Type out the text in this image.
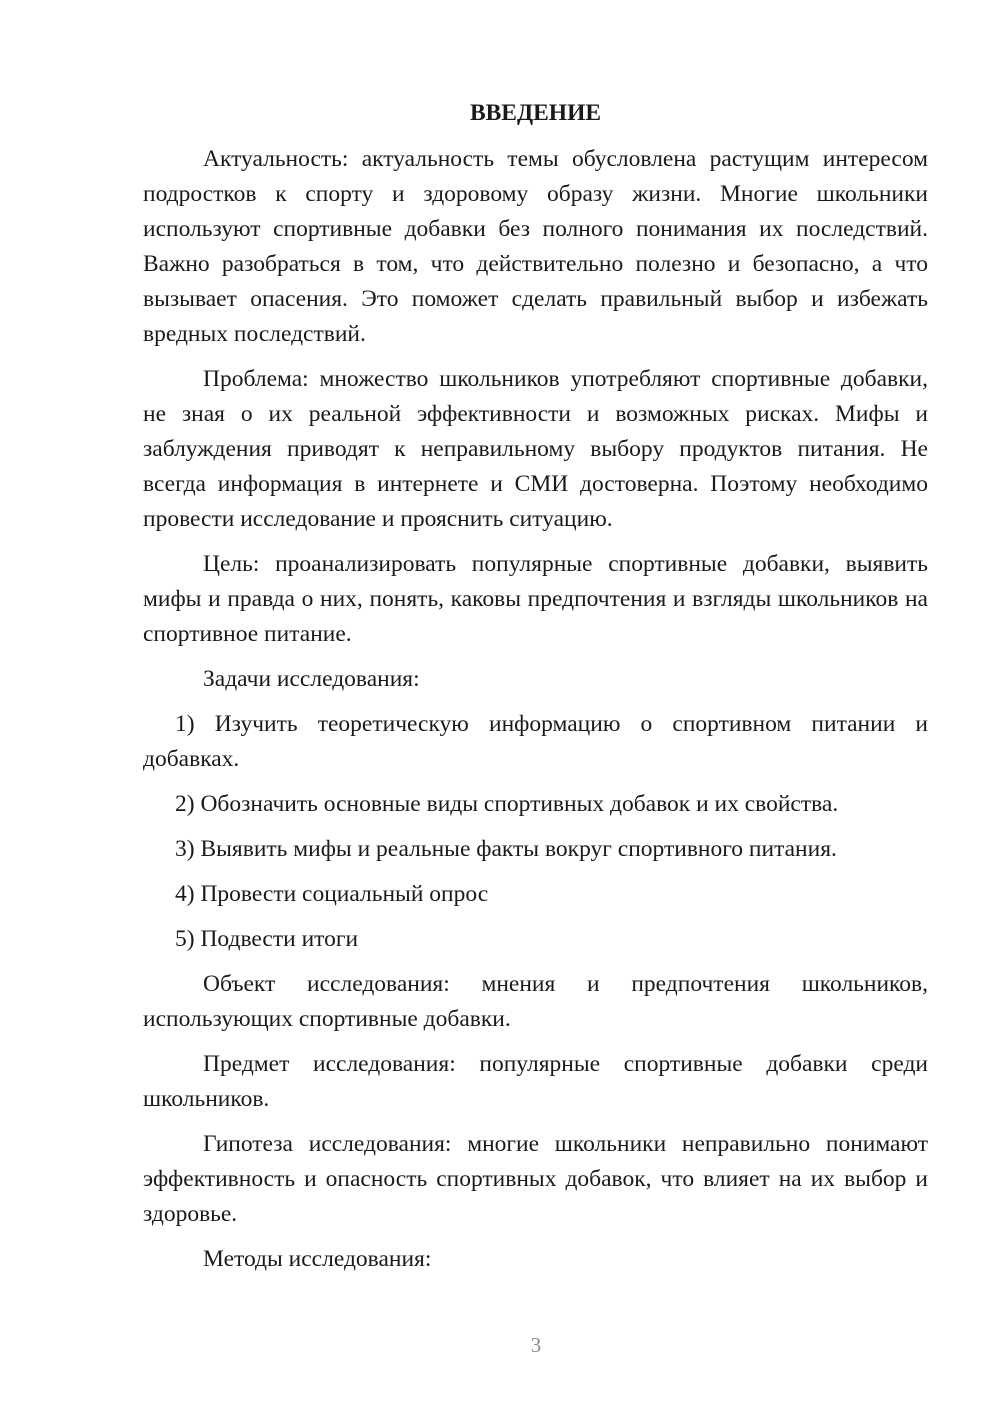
ВВЕДЕНИЕ

Актуальность: актуальность темы обусловлена растущим интересом подростков к спорту и здоровому образу жизни. Многие школьники используют спортивные добавки без полного понимания их последствий. Важно разобраться в том, что действительно полезно и безопасно, а что вызывает опасения. Это поможет сделать правильный выбор и избежать вредных последствий.

Проблема: множество школьников употребляют спортивные добавки, не зная о их реальной эффективности и возможных рисках. Мифы и заблуждения приводят к неправильному выбору продуктов питания. Не всегда информация в интернете и СМИ достоверна. Поэтому необходимо провести исследование и прояснить ситуацию.

Цель: проанализировать популярные спортивные добавки, выявить мифы и правда о них, понять, каковы предпочтения и взгляды школьников на спортивное питание.

Задачи исследования:

1) Изучить теоретическую информацию о спортивном питании и добавках.

2) Обозначить основные виды спортивных добавок и их свойства.

3) Выявить мифы и реальные факты вокруг спортивного питания.

4) Провести социальный опрос

5) Подвести итоги

Объект исследования: мнения и предпочтения школьников, использующих спортивные добавки.

Предмет исследования: популярные спортивные добавки среди школьников.

Гипотеза исследования: многие школьники неправильно понимают эффективность и опасность спортивных добавок, что влияет на их выбор и здоровье.

Методы исследования:

3
